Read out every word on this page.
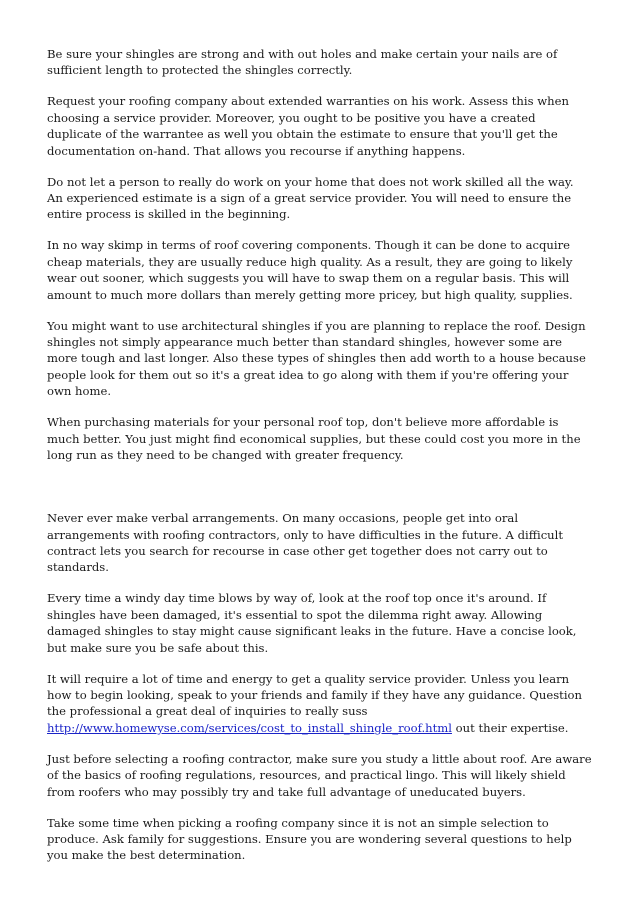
Be sure your shingles are strong and with out holes and make certain your nails are of sufficient length to protected the shingles correctly.

Request your roofing company about extended warranties on his work. Assess this when choosing a service provider. Moreover, you ought to be positive you have a created duplicate of the warrantee as well you obtain the estimate to ensure that you'll get the documentation on-hand. That allows you recourse if anything happens.

Do not let a person to really do work on your home that does not work skilled all the way. An experienced estimate is a sign of a great service provider. You will need to ensure the entire process is skilled in the beginning.

In no way skimp in terms of roof covering components. Though it can be done to acquire cheap materials, they are usually reduce high quality. As a result, they are going to likely wear out sooner, which suggests you will have to swap them on a regular basis. This will amount to much more dollars than merely getting more pricey, but high quality, supplies.

You might want to use architectural shingles if you are planning to replace the roof. Design shingles not simply appearance much better than standard shingles, however some are more tough and last longer. Also these types of shingles then add worth to a house because people look for them out so it's a great idea to go along with them if you're offering your own home.

When purchasing materials for your personal roof top, don't believe more affordable is much better. You just might find economical supplies, but these could cost you more in the long run as they need to be changed with greater frequency.

Never ever make verbal arrangements. On many occasions, people get into oral arrangements with roofing contractors, only to have difficulties in the future. A difficult contract lets you search for recourse in case other get together does not carry out to standards.

Every time a windy day time blows by way of, look at the roof top once it's around. If shingles have been damaged, it's essential to spot the dilemma right away. Allowing damaged shingles to stay might cause significant leaks in the future. Have a concise look, but make sure you be safe about this.

It will require a lot of time and energy to get a quality service provider. Unless you learn how to begin looking, speak to your friends and family if they have any guidance. Question the professional a great deal of inquiries to really suss http://www.homewyse.com/services/cost_to_install_shingle_roof.html out their expertise.

Just before selecting a roofing contractor, make sure you study a little about roof. Are aware of the basics of roofing regulations, resources, and practical lingo. This will likely shield from roofers who may possibly try and take full advantage of uneducated buyers.

Take some time when picking a roofing company since it is not an simple selection to produce. Ask family for suggestions. Ensure you are wondering several questions to help you make the best determination.
